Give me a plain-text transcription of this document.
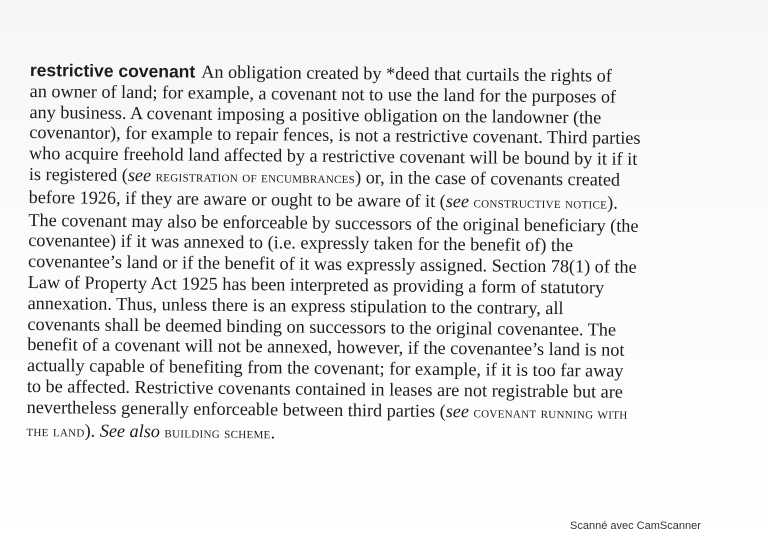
restrictive covenant An obligation created by *deed that curtails the rights of
an owner of land; for example, a covenant not to use the land for the purposes of
any business. A covenant imposing a positive obligation on the landowner (the
covenantor), for example to repair fences, is not a restrictive covenant. Third parties
who acquire freehold land affected by a restrictive covenant will be bound by it if it
is registered (see registration of encumbrances) or, in the case of covenants created
before 1926, if they are aware or ought to be aware of it (see constructive notice).
The covenant may also be enforceable by successors of the original beneficiary (the
covenantee) if it was annexed to (i.e. expressly taken for the benefit of) the
covenantee’s land or if the benefit of it was expressly assigned. Section 78(1) of the
Law of Property Act 1925 has been interpreted as providing a form of statutory
annexation. Thus, unless there is an express stipulation to the contrary, all
covenants shall be deemed binding on successors to the original covenantee. The
benefit of a covenant will not be annexed, however, if the covenantee’s land is not
actually capable of benefiting from the covenant; for example, if it is too far away
to be affected. Restrictive covenants contained in leases are not registrable but are
nevertheless generally enforceable between third parties (see covenant running with
the land). See also building scheme.
Scanné avec CamScanner
